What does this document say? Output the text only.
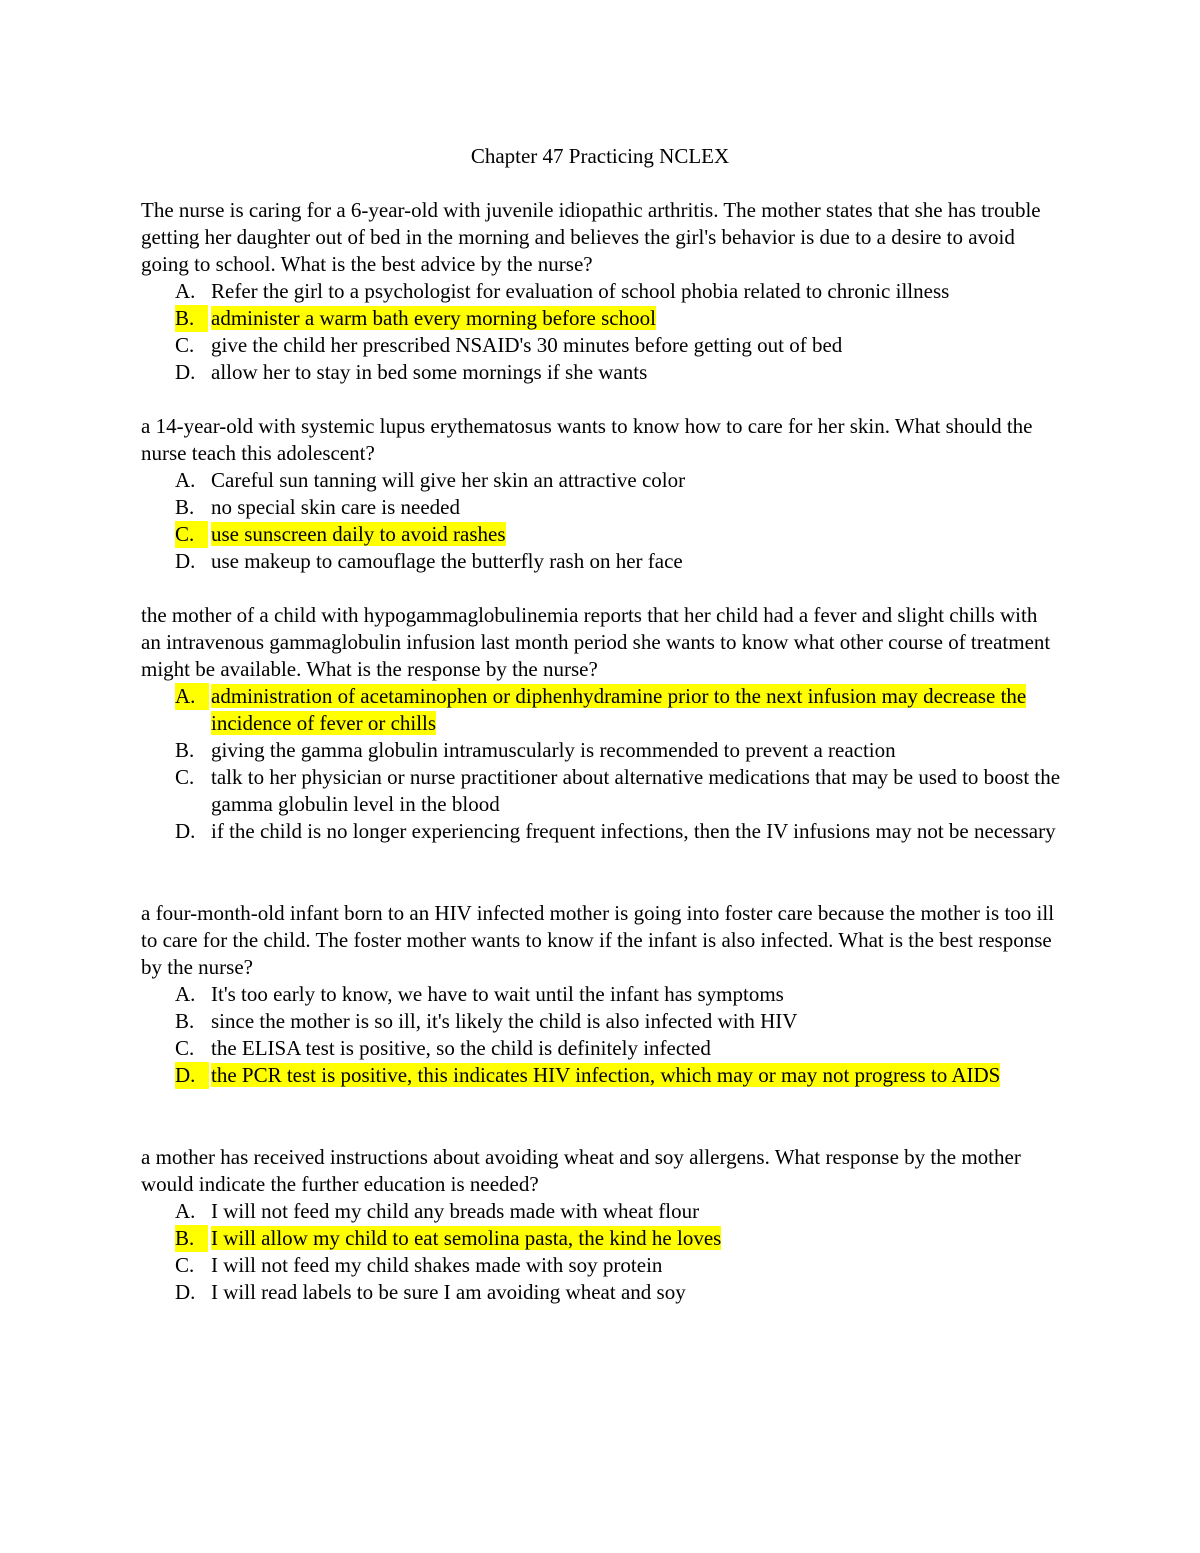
Chapter 47 Practicing NCLEX

The nurse is caring for a 6-year-old with juvenile idiopathic arthritis. The mother states that she has trouble getting her daughter out of bed in the morning and believes the girl's behavior is due to a desire to avoid going to school. What is the best advice by the nurse?

A. Refer the girl to a psychologist for evaluation of school phobia related to chronic illness
B. administer a warm bath every morning before school
C. give the child her prescribed NSAID's 30 minutes before getting out of bed
D. allow her to stay in bed some mornings if she wants

a 14-year-old with systemic lupus erythematosus wants to know how to care for her skin. What should the nurse teach this adolescent?

A. Careful sun tanning will give her skin an attractive color
B. no special skin care is needed
C. use sunscreen daily to avoid rashes
D. use makeup to camouflage the butterfly rash on her face

the mother of a child with hypogammaglobulinemia reports that her child had a fever and slight chills with an intravenous gammaglobulin infusion last month period she wants to know what other course of treatment might be available. What is the response by the nurse?

A. administration of acetaminophen or diphenhydramine prior to the next infusion may decrease the incidence of fever or chills
B. giving the gamma globulin intramuscularly is recommended to prevent a reaction
C. talk to her physician or nurse practitioner about alternative medications that may be used to boost the gamma globulin level in the blood
D. if the child is no longer experiencing frequent infections, then the IV infusions may not be necessary

a four-month-old infant born to an HIV infected mother is going into foster care because the mother is too ill to care for the child. The foster mother wants to know if the infant is also infected. What is the best response by the nurse?

A. It's too early to know, we have to wait until the infant has symptoms
B. since the mother is so ill, it's likely the child is also infected with HIV
C. the ELISA test is positive, so the child is definitely infected
D. the PCR test is positive, this indicates HIV infection, which may or may not progress to AIDS

a mother has received instructions about avoiding wheat and soy allergens. What response by the mother would indicate the further education is needed?

A. I will not feed my child any breads made with wheat flour
B. I will allow my child to eat semolina pasta, the kind he loves
C. I will not feed my child shakes made with soy protein
D. I will read labels to be sure I am avoiding wheat and soy
